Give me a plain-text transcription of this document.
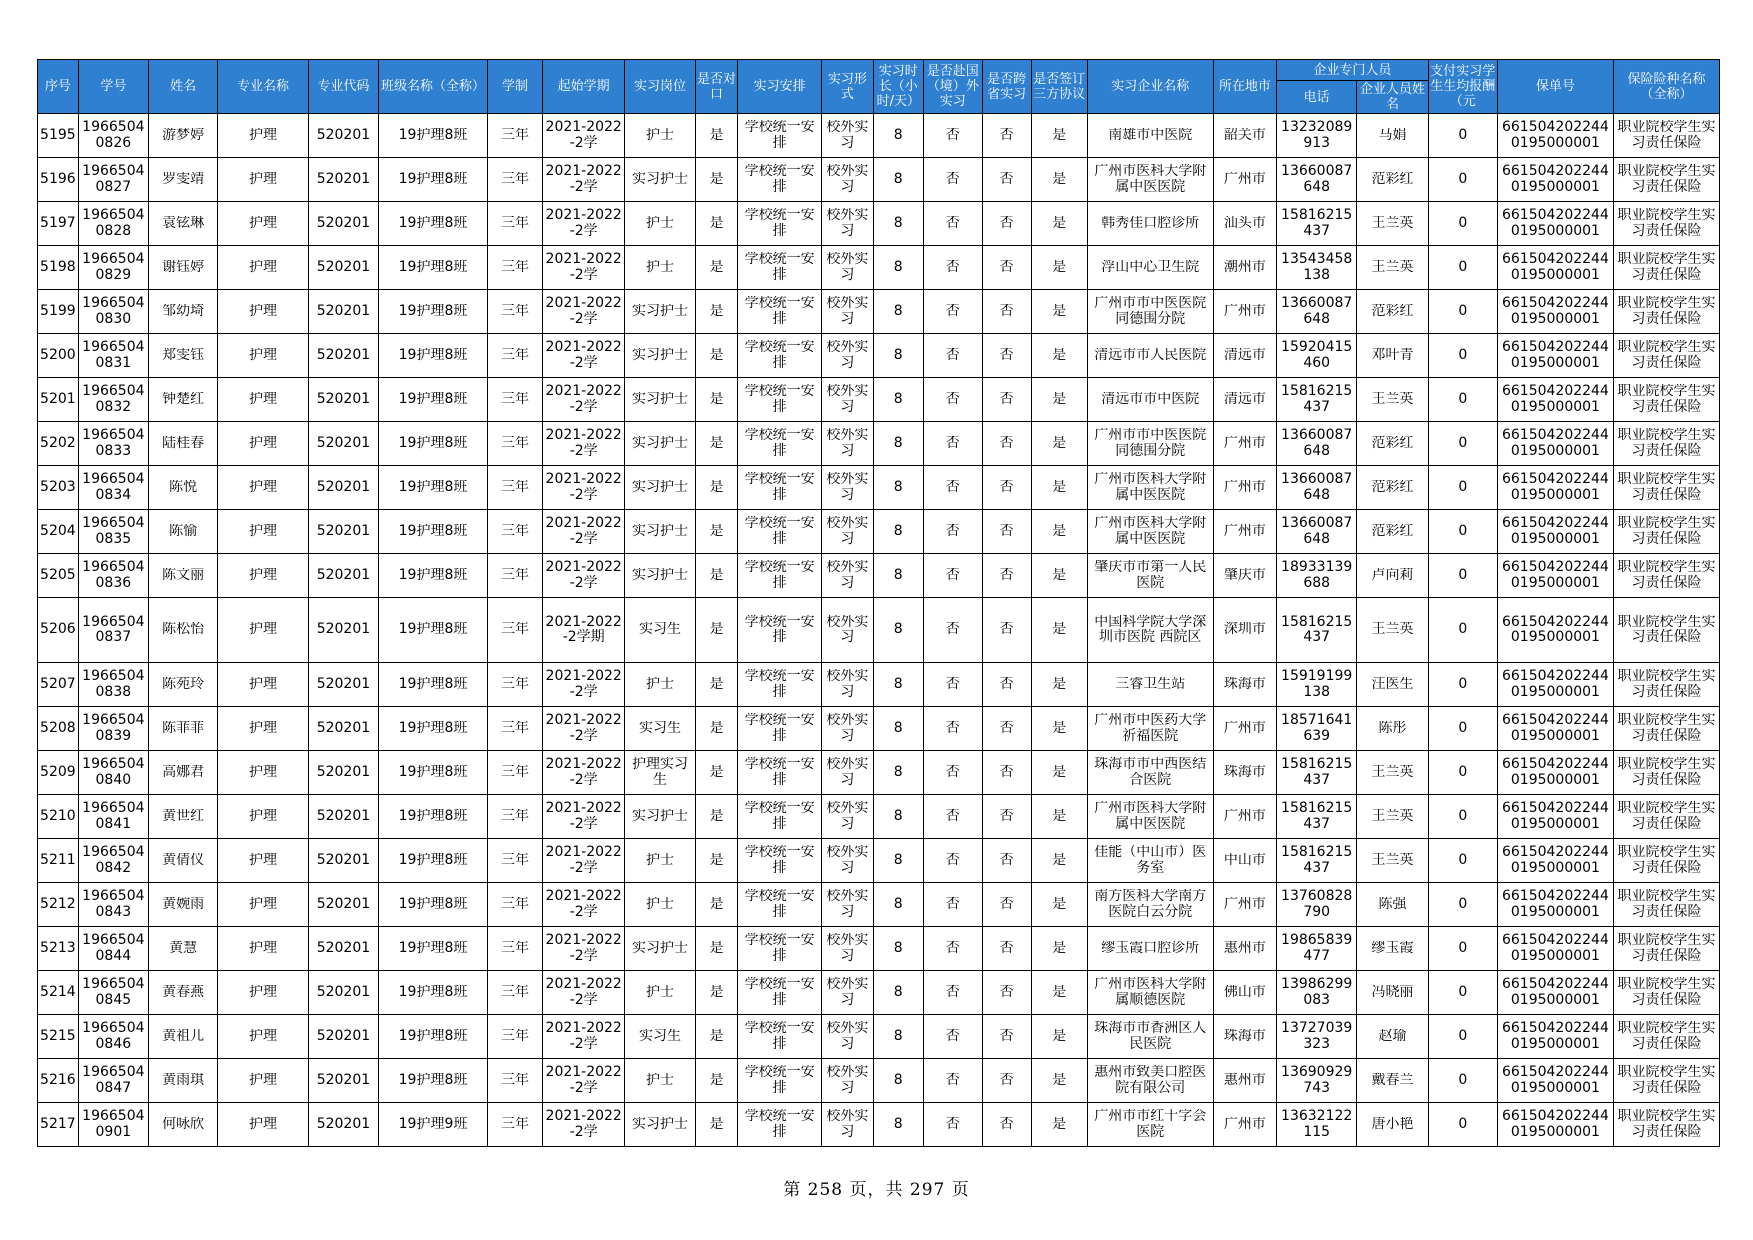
序号	学号	姓名	专业名称	专业代码	班级名称（全称）	学制	起始学期	实习岗位	是否对口	实习安排	实习形式	实习时长（小时/天）	是否赴国（境）外实习	是否跨省实习	是否签订三方协议	实习企业名称	所在地市	企业专门人员		支付实习学生生均报酬（元	保单号	保险险种名称（全称）
																		电话	企业人员姓名			

5195	19665040826	游梦婷	护理	520201	19护理8班	三年	2021-2022-2学	护士	是	学校统一安排	校外实习	8	否	否	是	南雄市中医院	韶关市	13232089913	马娟	0	6615042022440195000001	职业院校学生实习责任保险

5196	19665040827	罗雯靖	护理	520201	19护理8班	三年	2021-2022-2学	实习护士	是	学校统一安排	校外实习	8	否	否	是	广州市医科大学附属中医医院	广州市	13660087648	范彩红	0	6615042022440195000001	职业院校学生实习责任保险

5197	19665040828	袁铉琳	护理	520201	19护理8班	三年	2021-2022-2学	护士	是	学校统一安排	校外实习	8	否	否	是	韩秀佳口腔诊所	汕头市	15816215437	王兰英	0	6615042022440195000001	职业院校学生实习责任保险

5198	19665040829	谢钰婷	护理	520201	19护理8班	三年	2021-2022-2学	护士	是	学校统一安排	校外实习	8	否	否	是	浮山中心卫生院	潮州市	13543458138	王兰英	0	6615042022440195000001	职业院校学生实习责任保险

5199	19665040830	邹幼埼	护理	520201	19护理8班	三年	2021-2022-2学	实习护士	是	学校统一安排	校外实习	8	否	否	是	广州市市中医医院同德围分院	广州市	13660087648	范彩红	0	6615042022440195000001	职业院校学生实习责任保险

5200	19665040831	郑雯钰	护理	520201	19护理8班	三年	2021-2022-2学	实习护士	是	学校统一安排	校外实习	8	否	否	是	清远市市人民医院	清远市	15920415460	邓叶青	0	6615042022440195000001	职业院校学生实习责任保险

5201	19665040832	钟楚红	护理	520201	19护理8班	三年	2021-2022-2学	实习护士	是	学校统一安排	校外实习	8	否	否	是	清远市市中医院	清远市	15816215437	王兰英	0	6615042022440195000001	职业院校学生实习责任保险

5202	19665040833	陆桂春	护理	520201	19护理8班	三年	2021-2022-2学	实习护士	是	学校统一安排	校外实习	8	否	否	是	广州市市中医医院同德围分院	广州市	13660087648	范彩红	0	6615042022440195000001	职业院校学生实习责任保险

5203	19665040834	陈悦	护理	520201	19护理8班	三年	2021-2022-2学	实习护士	是	学校统一安排	校外实习	8	否	否	是	广州市医科大学附属中医医院	广州市	13660087648	范彩红	0	6615042022440195000001	职业院校学生实习责任保险

5204	19665040835	陈愉	护理	520201	19护理8班	三年	2021-2022-2学	实习护士	是	学校统一安排	校外实习	8	否	否	是	广州市医科大学附属中医医院	广州市	13660087648	范彩红	0	6615042022440195000001	职业院校学生实习责任保险

5205	19665040836	陈文丽	护理	520201	19护理8班	三年	2021-2022-2学	实习护士	是	学校统一安排	校外实习	8	否	否	是	肇庆市市第一人民医院	肇庆市	18933139688	卢向莉	0	6615042022440195000001	职业院校学生实习责任保险

5206	19665040837	陈松怡	护理	520201	19护理8班	三年	2021-2022-2学期	实习生	是	学校统一安排	校外实习	8	否	否	是	中国科学院大学深圳市医院 西院区	深圳市	15816215437	王兰英	0	6615042022440195000001	职业院校学生实习责任保险

5207	19665040838	陈苑玲	护理	520201	19护理8班	三年	2021-2022-2学	护士	是	学校统一安排	校外实习	8	否	否	是	三睿卫生站	珠海市	15919199138	汪医生	0	6615042022440195000001	职业院校学生实习责任保险

5208	19665040839	陈菲菲	护理	520201	19护理8班	三年	2021-2022-2学	实习生	是	学校统一安排	校外实习	8	否	否	是	广州市中医药大学祈福医院	广州市	18571641639	陈彤	0	6615042022440195000001	职业院校学生实习责任保险

5209	19665040840	高娜君	护理	520201	19护理8班	三年	2021-2022-2学	护理实习生	是	学校统一安排	校外实习	8	否	否	是	珠海市市中西医结合医院	珠海市	15816215437	王兰英	0	6615042022440195000001	职业院校学生实习责任保险

5210	19665040841	黄世红	护理	520201	19护理8班	三年	2021-2022-2学	实习护士	是	学校统一安排	校外实习	8	否	否	是	广州市医科大学附属中医医院	广州市	15816215437	王兰英	0	6615042022440195000001	职业院校学生实习责任保险

5211	19665040842	黄倩仪	护理	520201	19护理8班	三年	2021-2022-2学	护士	是	学校统一安排	校外实习	8	否	否	是	佳能（中山市）医务室	中山市	15816215437	王兰英	0	6615042022440195000001	职业院校学生实习责任保险

5212	19665040843	黄婉雨	护理	520201	19护理8班	三年	2021-2022-2学	护士	是	学校统一安排	校外实习	8	否	否	是	南方医科大学南方医院白云分院	广州市	13760828790	陈强	0	6615042022440195000001	职业院校学生实习责任保险

5213	19665040844	黄慧	护理	520201	19护理8班	三年	2021-2022-2学	实习护士	是	学校统一安排	校外实习	8	否	否	是	缪玉霞口腔诊所	惠州市	19865839477	缪玉霞	0	6615042022440195000001	职业院校学生实习责任保险

5214	19665040845	黄春燕	护理	520201	19护理8班	三年	2021-2022-2学	护士	是	学校统一安排	校外实习	8	否	否	是	广州市医科大学附属顺德医院	佛山市	13986299083	冯晓丽	0	6615042022440195000001	职业院校学生实习责任保险

5215	19665040846	黄祖儿	护理	520201	19护理8班	三年	2021-2022-2学	实习生	是	学校统一安排	校外实习	8	否	否	是	珠海市市香洲区人民医院	珠海市	13727039323	赵瑜	0	6615042022440195000001	职业院校学生实习责任保险

5216	19665040847	黄雨琪	护理	520201	19护理8班	三年	2021-2022-2学	护士	是	学校统一安排	校外实习	8	否	否	是	惠州市致美口腔医院有限公司	惠州市	13690929743	戴春兰	0	6615042022440195000001	职业院校学生实习责任保险

5217	19665040901	何咏欣	护理	520201	19护理9班	三年	2021-2022-2学	实习护士	是	学校统一安排	校外实习	8	否	否	是	广州市市红十字会医院	广州市	13632122115	唐小艳	0	6615042022440195000001	职业院校学生实习责任保险
第 258 页，共 297 页
